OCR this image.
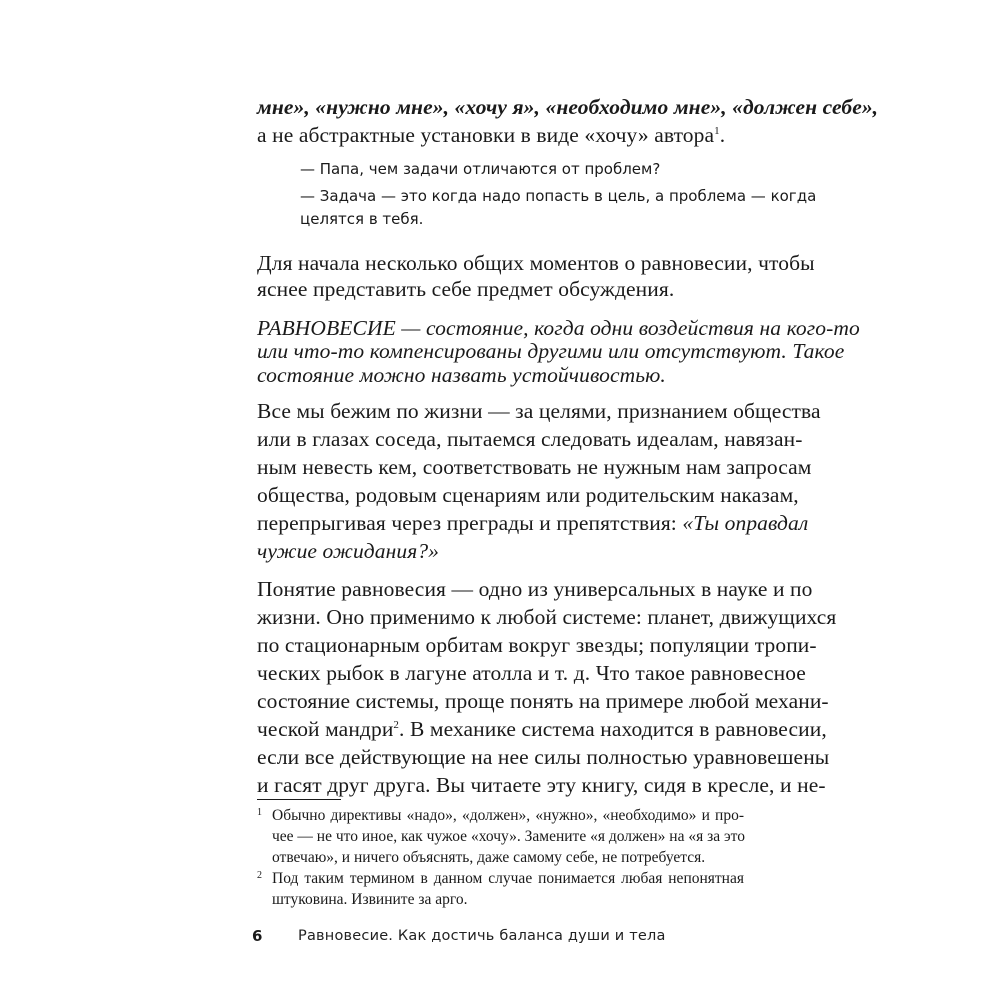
мне», «нужно мне», «хочу я», «необходимо мне», «должен себе»,
а не абстрактные установки в виде «хочу» автора$^1$.
— Папа, чем задачи отличаются от проблем?
— Задача — это когда надо попасть в цель, а проблема — когда
целятся в тебя.
Для начала несколько общих моментов о равновесии, чтобы
яснее представить себе предмет обсуждения.
РАВНОВЕСИЕ — состояние, когда одни воздействия на кого-то
или что-то компенсированы другими или отсутствуют. Такое
состояние можно назвать устойчивостью.
Все мы бежим по жизни — за целями, признанием общества
или в глазах соседа, пытаемся следовать идеалам, навязан-
ным невесть кем, соответствовать не нужным нам запросам
общества, родовым сценариям или родительским наказам,
перепрыгивая через преграды и препятствия: «Ты оправдал
чужие ожидания?»
Понятие равновесия — одно из универсальных в науке и по
жизни. Оно применимо к любой системе: планет, движущихся
по стационарным орбитам вокруг звезды; популяции тропи-
ческих рыбок в лагуне атолла и т. д. Что такое равновесное
состояние системы, проще понять на примере любой механи-
ческой мандри$^2$. В механике система находится в равновесии,
если все действующие на нее силы полностью уравновешены
и гасят друг друга. Вы читаете эту книгу, сидя в кресле, и не-
1 Обычно директивы «надо», «должен», «нужно», «необходимо» и про-
чее — не что иное, как чужое «хочу». Замените «я должен» на «я за это
отвечаю», и ничего объяснять, даже самому себе, не потребуется.
2 Под таким термином в данном случае понимается любая непонятная
штуковина. Извините за арго.
6 Равновесие. Как достичь баланса души и тела
